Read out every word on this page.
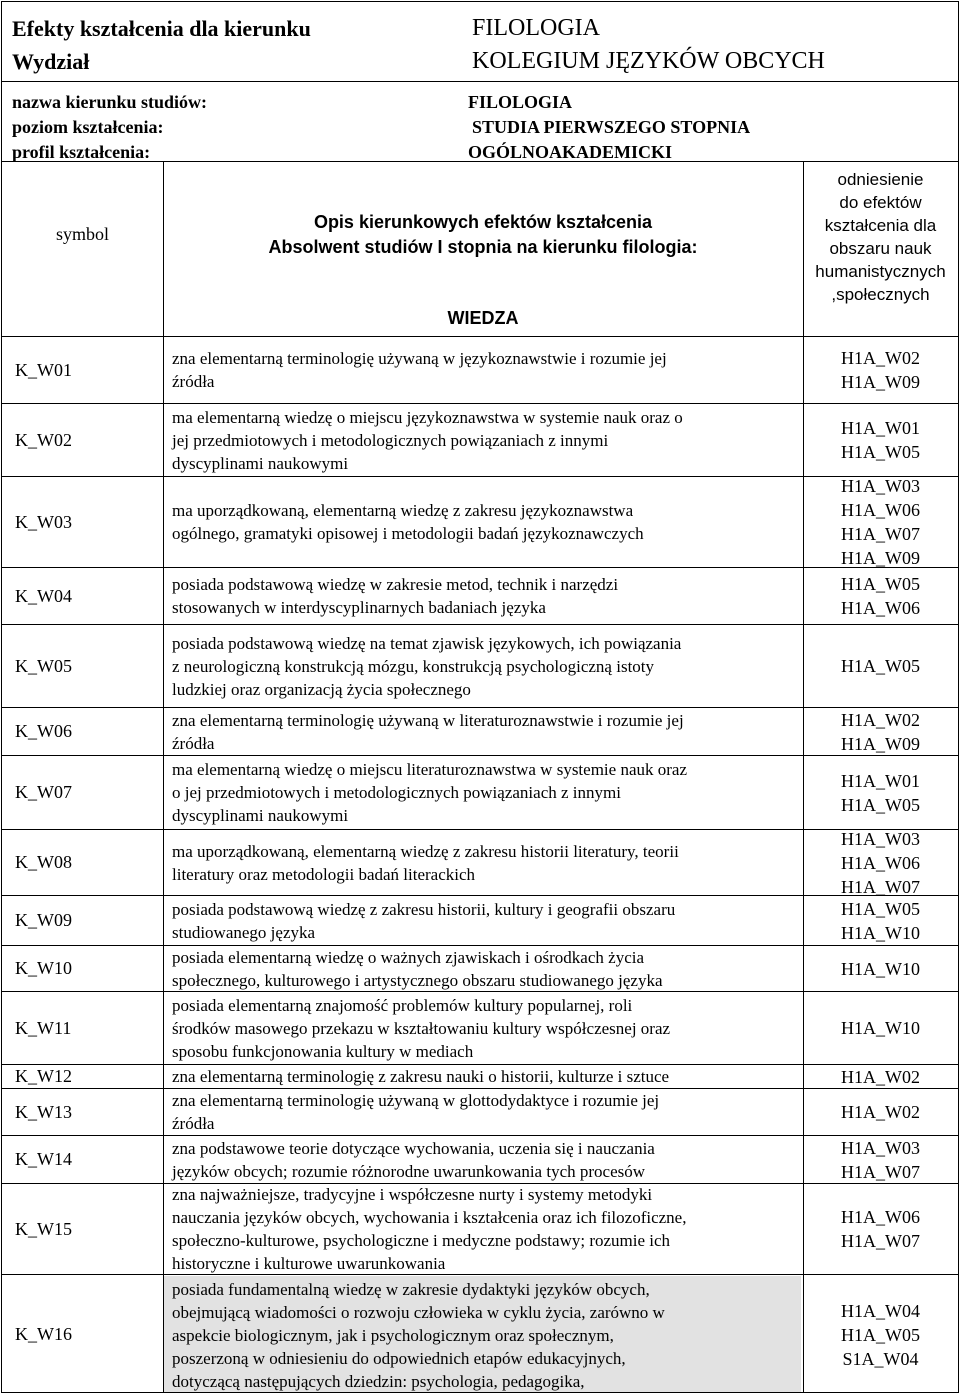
Efekty kształcenia dla kierunku
Wydział
FILOLOGIA
KOLEGIUM JĘZYKÓW OBCYCH
nazwa kierunku studiów:
poziom kształcenia:
profil kształcenia:
FILOLOGIA
STUDIA PIERWSZEGO STOPNIA
OGÓLNOAKADEMICKI
symbol
Opis kierunkowych efektów kształcenia
Absolwent studiów I stopnia na kierunku filologia:
WIEDZA
odniesienie
do efektów
kształcenia dla
obszaru nauk
humanistycznych
,społecznych
K_W01
zna elementarną terminologię używaną w językoznawstwie i rozumie jej
źródła
H1A_W02
H1A_W09
K_W02
ma elementarną wiedzę o miejscu językoznawstwa w systemie nauk oraz o
jej przedmiotowych i metodologicznych powiązaniach z innymi
dyscyplinami naukowymi
H1A_W01
H1A_W05
K_W03
ma uporządkowaną, elementarną wiedzę z zakresu językoznawstwa
ogólnego, gramatyki opisowej i metodologii badań językoznawczych
H1A_W03
H1A_W06
H1A_W07
H1A_W09
K_W04
posiada podstawową wiedzę w zakresie metod, technik i narzędzi
stosowanych w interdyscyplinarnych badaniach języka
H1A_W05
H1A_W06
K_W05
posiada podstawową wiedzę na temat zjawisk językowych, ich powiązania
z neurologiczną konstrukcją mózgu, konstrukcją psychologiczną istoty
ludzkiej oraz organizacją życia społecznego
H1A_W05
K_W06
zna elementarną terminologię używaną w literaturoznawstwie i rozumie jej
źródła
H1A_W02
H1A_W09
K_W07
ma elementarną wiedzę o miejscu literaturoznawstwa w systemie nauk oraz
o jej przedmiotowych i metodologicznych powiązaniach z innymi
dyscyplinami naukowymi
H1A_W01
H1A_W05
K_W08
ma uporządkowaną, elementarną wiedzę z zakresu historii literatury, teorii
literatury oraz metodologii badań literackich
H1A_W03
H1A_W06
H1A_W07
K_W09
posiada podstawową wiedzę z zakresu historii, kultury i geografii obszaru
studiowanego języka
H1A_W05
H1A_W10
K_W10
posiada elementarną wiedzę o ważnych zjawiskach i ośrodkach życia
społecznego, kulturowego i artystycznego obszaru studiowanego języka
H1A_W10
K_W11
posiada elementarną znajomość problemów kultury popularnej, roli
środków masowego przekazu w kształtowaniu kultury współczesnej oraz
sposobu funkcjonowania kultury w mediach
H1A_W10
K_W12	zna elementarną terminologię z zakresu nauki o historii, kulturze i sztuce	H1A_W02
K_W13
zna elementarną terminologię używaną w glottodydaktyce i rozumie jej
źródła
H1A_W02
K_W14
zna podstawowe teorie dotyczące wychowania, uczenia się i nauczania
języków obcych; rozumie różnorodne uwarunkowania tych procesów
H1A_W03
H1A_W07
K_W15
zna najważniejsze, tradycyjne i współczesne nurty i systemy metodyki
nauczania języków obcych, wychowania i kształcenia oraz ich filozoficzne,
społeczno-kulturowe, psychologiczne i medyczne podstawy; rozumie ich
historyczne i kulturowe uwarunkowania
H1A_W06
H1A_W07
K_W16
posiada fundamentalną wiedzę w zakresie dydaktyki języków obcych,
obejmującą wiadomości o rozwoju człowieka w cyklu życia, zarówno w
aspekcie biologicznym, jak i psychologicznym oraz społecznym,
poszerzoną w odniesieniu do odpowiednich etapów edukacyjnych,
dotyczącą następujących dziedzin: psychologia, pedagogika,
H1A_W04
H1A_W05
S1A_W04
